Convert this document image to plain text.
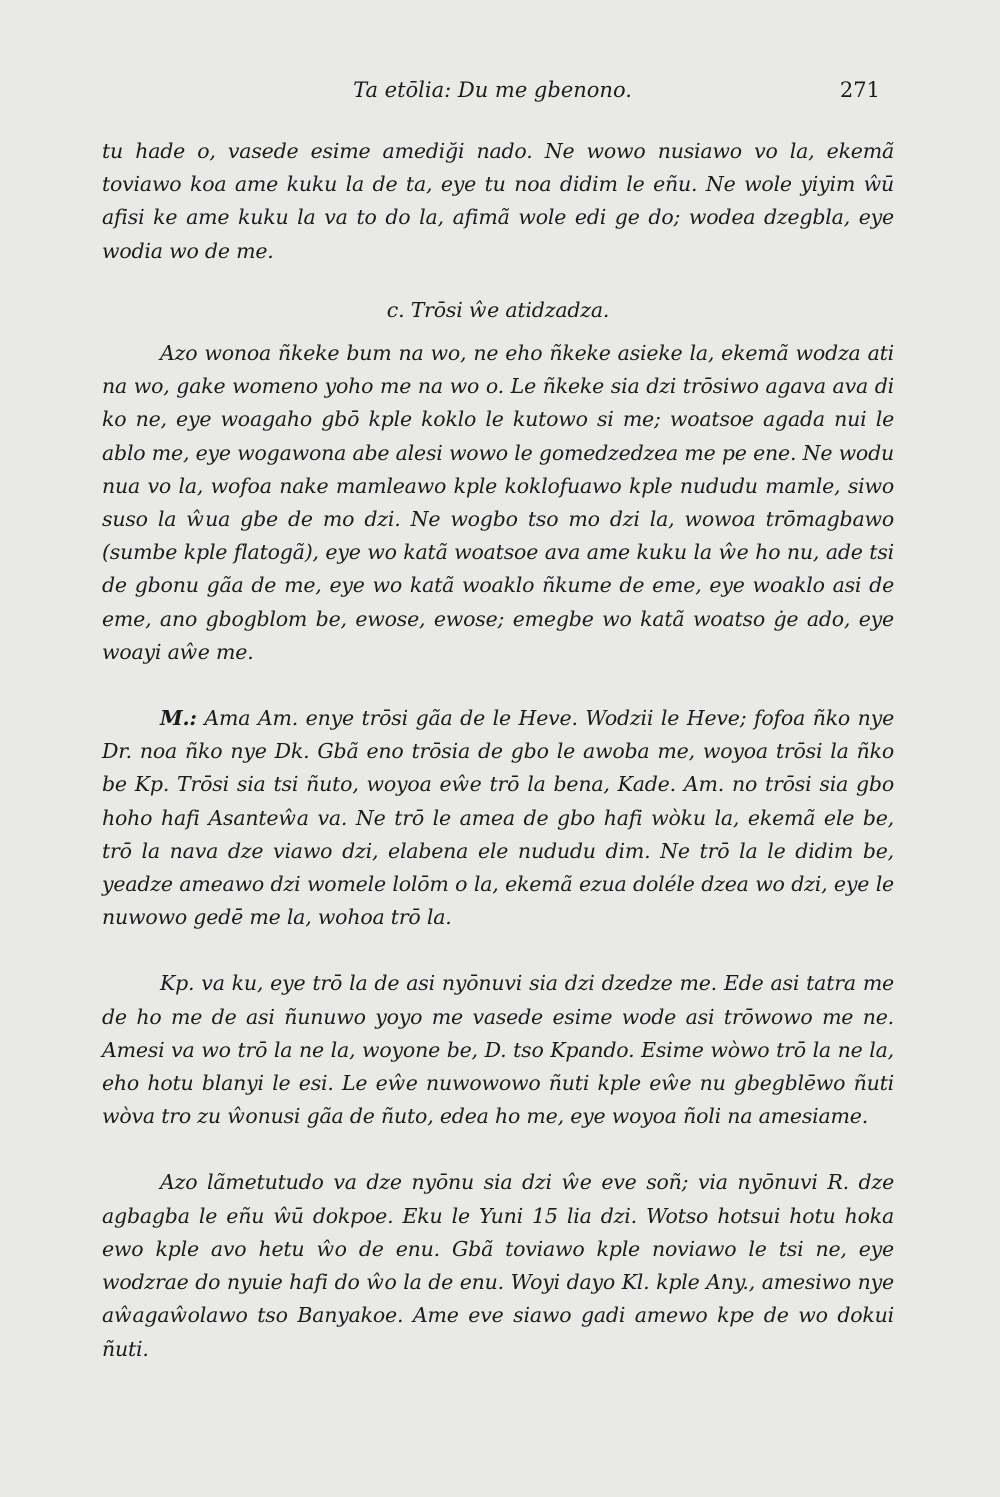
Ta etōlia: Du me gbenono.	271

tu hade o, vasede esime amediği nado. Ne wowo nusiawo vo la, ekemã toviawo koa ame kuku la de ta, eye tu noa didim le eñu. Ne wole yiyim ŵū afisi ke ame kuku la va to do la, afimã wole edi ge do; wodea dzegbla, eye wodia wo de me.

c. Trōsi ŵe atidzadza.

Azo wonoa ñkeke bum na wo, ne eho ñkeke asieke la, ekemã wodza ati na wo, gake womeno yoho me na wo o. Le ñkeke sia dzi trōsiwo agava ava di ko ne, eye woagaho gbō kple koklo le kutowo si me; woatsoe agada nui le ablo me, eye wogawona abe alesi wowo le gomedzedzea me pe ene. Ne wodu nua vo la, wofoa nake mamleawo kple koklofuawo kple nududu mamle, siwo suso la ŵua gbe de mo dzi. Ne wogbo tso mo dzi la, wowoa trōmagbawo (sumbe kple flatogã), eye wo katã woatsoe ava ame kuku la ŵe ho nu, ade tsi de gbonu gãa de me, eye wo katã woaklo ñkume de eme, eye woaklo asi de eme, ano gbogblom be, ewose, ewose; emegbe wo katã woatso ġe ado, eye woayi aŵe me.

M.: Ama Am. enye trōsi gãa de le Heve. Wodzii le Heve; fofoa ñko nye Dr. noa ñko nye Dk. Gbã eno trōsia de gbo le awoba me, woyoa trōsi la ñko be Kp. Trōsi sia tsi ñuto, woyoa eŵe trō la bena, Kade. Am. no trōsi sia gbo hoho hafi Asanteŵa va. Ne trō le amea de gbo hafi wòku la, ekemã ele be, trō la nava dze viawo dzi, elabena ele nududu dim. Ne trō la le didim be, yeadze ameawo dzi womele lolōm o la, ekemã ezua doléle dzea wo dzi, eye le nuwowo gedē me la, wohoa trō la.

Kp. va ku, eye trō la de asi nyōnuvi sia dzi dzedze me. Ede asi tatra me de ho me de asi ñunuwo yoyo me vasede esime wode asi trōwowo me ne. Amesi va wo trō la ne la, woyone be, D. tso Kpando. Esime wòwo trō la ne la, eho hotu blanyi le esi. Le eŵe nuwowowo ñuti kple eŵe nu gbegblēwo ñuti wòva tro zu ŵonusi gãa de ñuto, edea ho me, eye woyoa ñoli na amesiame.

Azo lãmetutudo va dze nyōnu sia dzi ŵe eve soñ; via nyōnuvi R. dze agbagba le eñu ŵū dokpoe. Eku le Yuni 15 lia dzi. Wotso hotsui hotu hoka ewo kple avo hetu ŵo de enu. Gbã toviawo kple noviawo le tsi ne, eye wodzrae do nyuie hafi do ŵo la de enu. Woyi dayo Kl. kple Any., amesiwo nye aŵagaŵolawo tso Banyakoe. Ame eve siawo gadi amewo kpe de wo dokui ñuti.
